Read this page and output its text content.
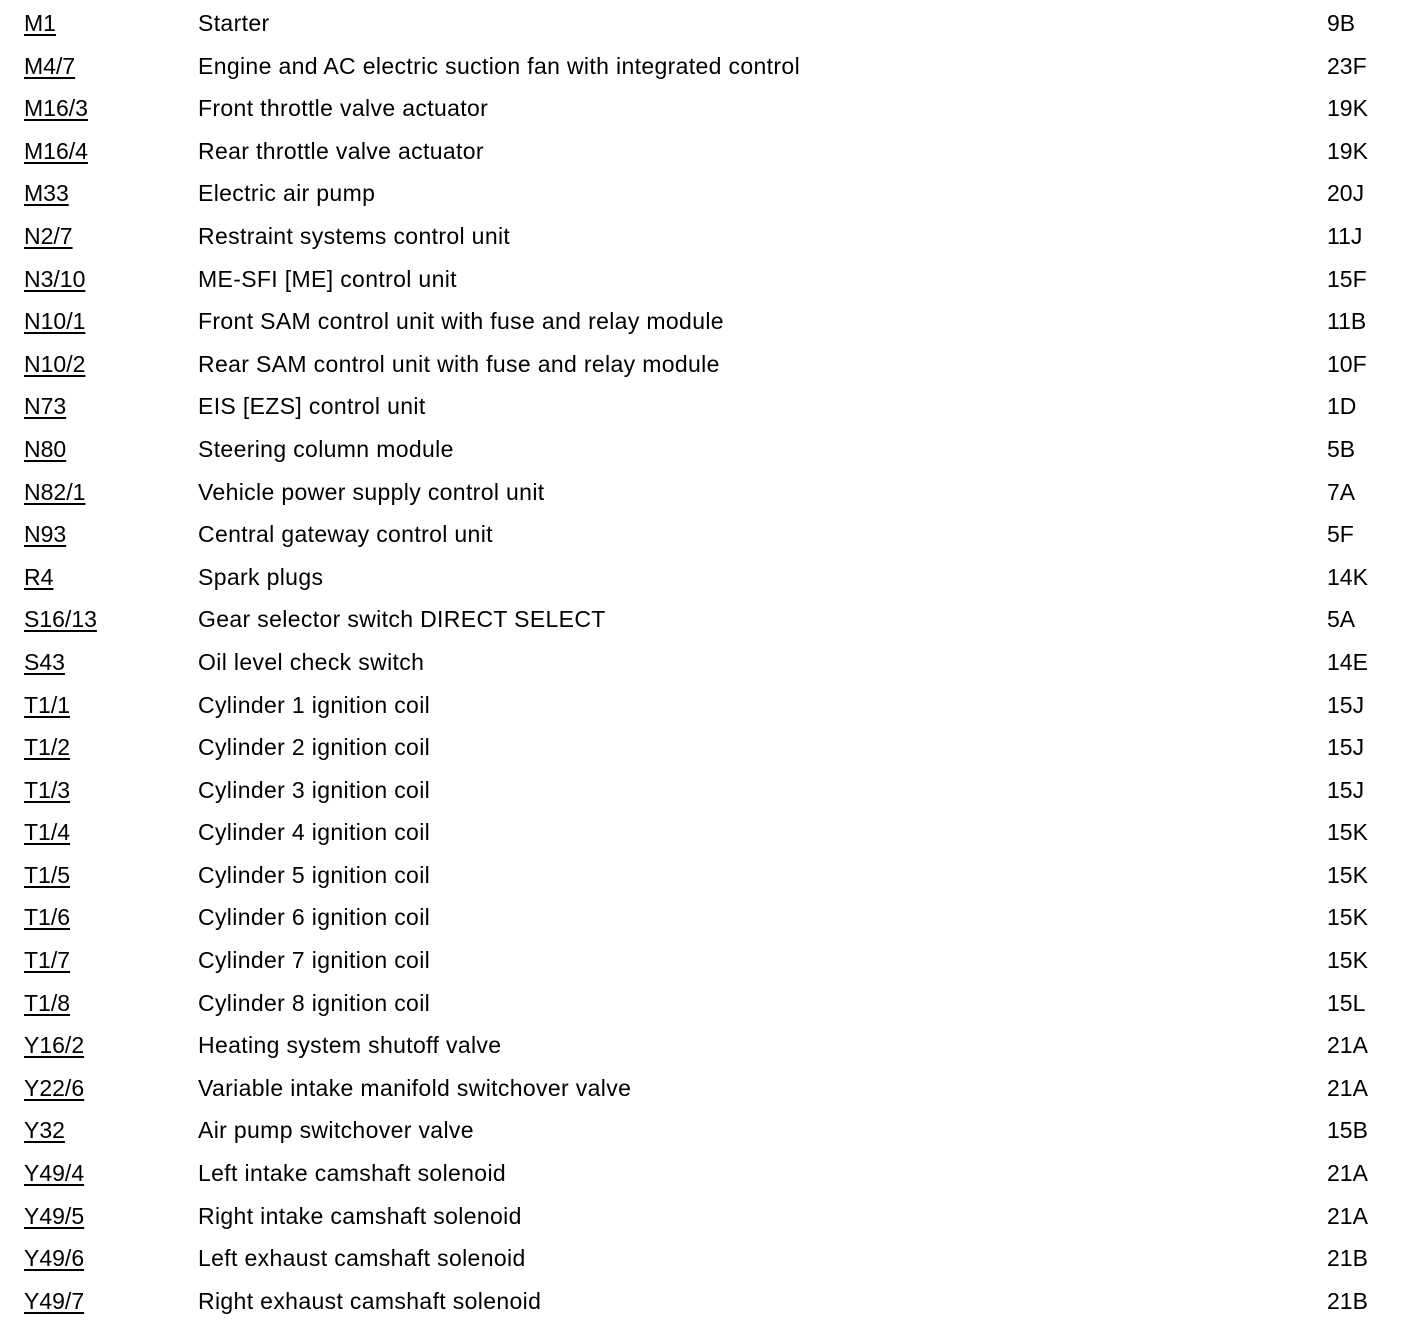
M1	Starter	9B
M4/7	Engine and AC electric suction fan with integrated control	23F
M16/3	Front throttle valve actuator	19K
M16/4	Rear throttle valve actuator	19K
M33	Electric air pump	20J
N2/7	Restraint systems control unit	11J
N3/10	ME-SFI [ME] control unit	15F
N10/1	Front SAM control unit with fuse and relay module	11B
N10/2	Rear SAM control unit with fuse and relay module	10F
N73	EIS [EZS] control unit	1D
N80	Steering column module	5B
N82/1	Vehicle power supply control unit	7A
N93	Central gateway control unit	5F
R4	Spark plugs	14K
S16/13	Gear selector switch DIRECT SELECT	5A
S43	Oil level check switch	14E
T1/1	Cylinder 1 ignition coil	15J
T1/2	Cylinder 2 ignition coil	15J
T1/3	Cylinder 3 ignition coil	15J
T1/4	Cylinder 4 ignition coil	15K
T1/5	Cylinder 5 ignition coil	15K
T1/6	Cylinder 6 ignition coil	15K
T1/7	Cylinder 7 ignition coil	15K
T1/8	Cylinder 8 ignition coil	15L
Y16/2	Heating system shutoff valve	21A
Y22/6	Variable intake manifold switchover valve	21A
Y32	Air pump switchover valve	15B
Y49/4	Left intake camshaft solenoid	21A
Y49/5	Right intake camshaft solenoid	21A
Y49/6	Left exhaust camshaft solenoid	21B
Y49/7	Right exhaust camshaft solenoid	21B
